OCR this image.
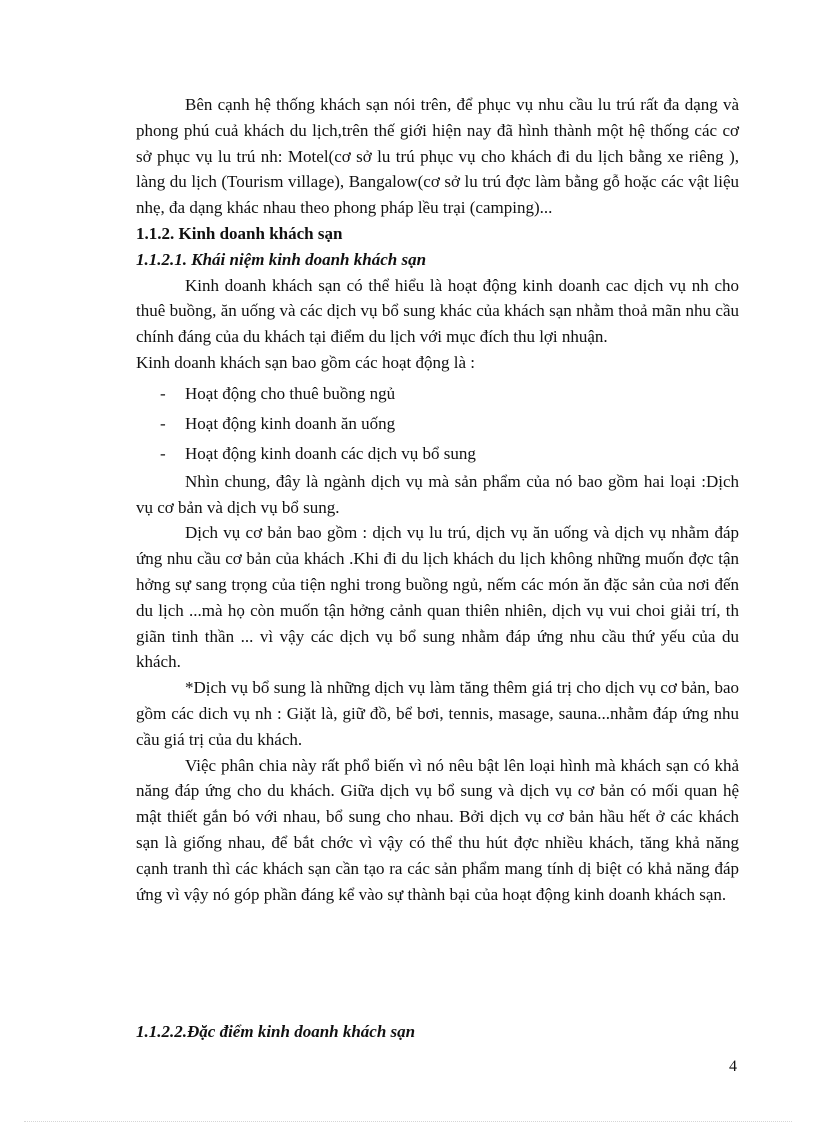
Bên cạnh hệ thống khách sạn nói trên, để phục vụ nhu cầu lu trú rất đa dạng và phong phú cuả khách du lịch,trên thế giới hiện nay đã hình thành một hệ thống các cơ sở phục vụ lu trú nh: Motel(cơ sở lu trú phục vụ cho khách đi du lịch bằng xe riêng ), làng du lịch (Tourism village), Bangalow(cơ sở lu trú đợc làm bằng gỗ hoặc các vật liệu nhẹ, đa dạng khác nhau theo phong pháp lều trại (camping)...

1.1.2. Kinh doanh khách sạn

1.1.2.1. Khái niệm kinh doanh khách sạn

Kinh doanh khách sạn có thể hiểu là hoạt động kinh doanh cac dịch vụ nh cho thuê buồng, ăn uống và các dịch vụ bổ sung khác của khách sạn nhằm thoả mãn nhu cầu chính đáng của du khách tại điểm du lịch với mục đích thu lợi nhuận.

Kinh doanh khách sạn bao gồm các hoạt động là :

- Hoạt động cho thuê buồng ngủ
- Hoạt động kinh doanh ăn uống
- Hoạt động kinh doanh các dịch vụ bổ sung

Nhìn chung, đây là ngành dịch vụ mà sản phẩm của nó bao gồm hai loại :Dịch vụ cơ bản và dịch vụ bổ sung.

Dịch vụ cơ bản bao gồm : dịch vụ lu trú, dịch vụ ăn uống và dịch vụ nhằm đáp ứng nhu cầu cơ bản của khách .Khi đi du lịch khách du lịch không những muốn đợc tận hởng sự sang trọng của tiện nghi trong buồng ngủ, nếm các món ăn đặc sản của nơi đến du lịch ...mà họ còn muốn tận hởng cảnh quan thiên nhiên, dịch vụ vui choi giải trí, th giãn tinh thần ... vì vậy các dịch vụ bổ sung nhằm đáp ứng nhu cầu thứ yếu của du khách.

*Dịch vụ bổ sung là những dịch vụ làm tăng thêm giá trị cho dịch vụ cơ bản, bao gồm các dich vụ nh : Giặt là, giữ đồ, bể bơi, tennis, masage, sauna...nhằm đáp ứng nhu cầu giá trị của du khách.

Việc phân chia này rất phổ biến vì nó nêu bật lên loại hình mà khách sạn có khả năng đáp ứng cho du khách. Giữa dịch vụ bổ sung và dịch vụ cơ bản có mối quan hệ mật thiết gắn bó với nhau, bổ sung cho nhau. Bởi dịch vụ cơ bản hầu hết ở các khách sạn là giống nhau, để bắt chớc vì vậy có thể thu hút đợc nhiều khách, tăng khả năng cạnh tranh thì các khách sạn cần tạo ra các sản phẩm mang tính dị biệt có khả năng đáp ứng vì vậy nó góp phần đáng kể vào sự thành bại của hoạt động kinh doanh khách sạn.

1.1.2.2.Đặc điểm kinh doanh khách sạn
4
